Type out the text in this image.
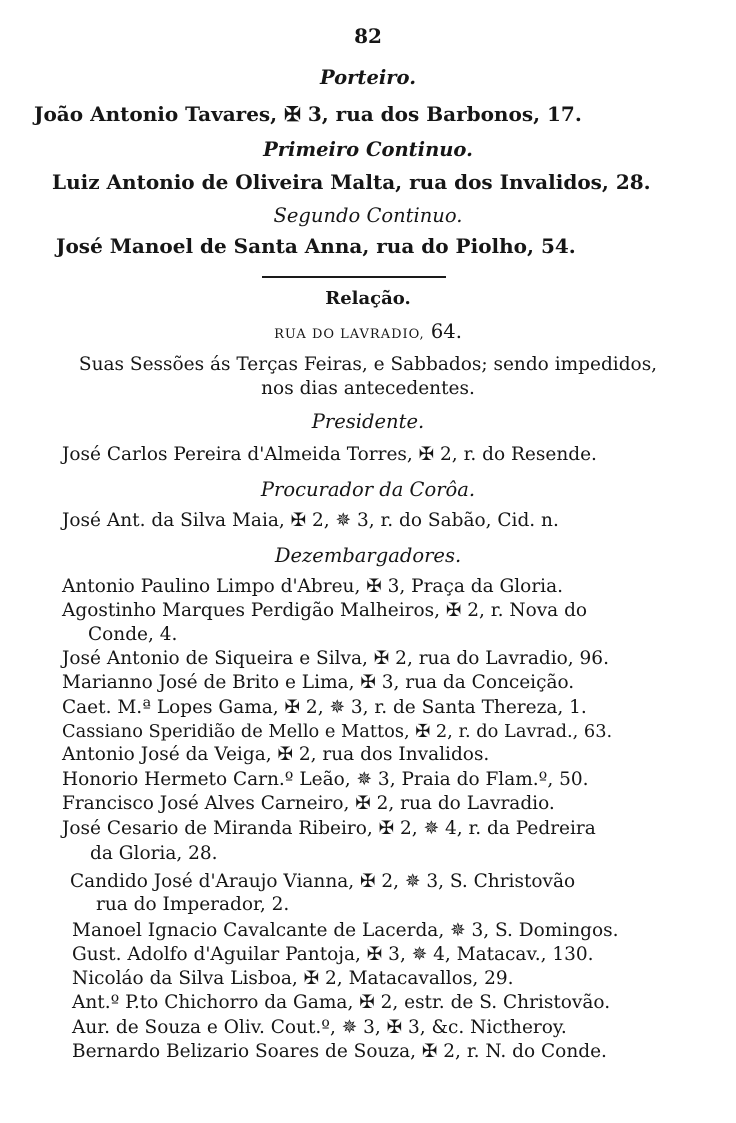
82
Porteiro.
João Antonio Tavares, ✠ 3, rua dos Barbonos, 17.
Primeiro Continuo.
Luiz Antonio de Oliveira Malta, rua dos Invalidos, 28.
Segundo Continuo.
José Manoel de Santa Anna, rua do Piolho, 54.
Relação.
RUA DO LAVRADIO, 64.
Suas Sessões ás Terças Feiras, e Sabbados; sendo impedidos,
nos dias antecedentes.
Presidente.
José Carlos Pereira d'Almeida Torres, ✠ 2, r. do Resende.
Procurador da Corôa.
José Ant. da Silva Maia, ✠ 2, ✵ 3, r. do Sabão, Cid. n.
Dezembargadores.
Antonio Paulino Limpo d'Abreu, ✠ 3, Praça da Gloria.
Agostinho Marques Perdigão Malheiros, ✠ 2, r. Nova do
Conde, 4.
José Antonio de Siqueira e Silva, ✠ 2, rua do Lavradio, 96.
Marianno José de Brito e Lima, ✠ 3, rua da Conceição.
Caet. M.ª Lopes Gama, ✠ 2, ✵ 3, r. de Santa Thereza, 1.
Cassiano Speridião de Mello e Mattos, ✠ 2, r. do Lavrad., 63.
Antonio José da Veiga, ✠ 2, rua dos Invalidos.
Honorio Hermeto Carn.º Leão, ✵ 3, Praia do Flam.º, 50.
Francisco José Alves Carneiro, ✠ 2, rua do Lavradio.
José Cesario de Miranda Ribeiro, ✠ 2, ✵ 4, r. da Pedreira
da Gloria, 28.
Candido José d'Araujo Vianna, ✠ 2, ✵ 3, S. Christovão
rua do Imperador, 2.
Manoel Ignacio Cavalcante de Lacerda, ✵ 3, S. Domingos.
Gust. Adolfo d'Aguilar Pantoja, ✠ 3, ✵ 4, Matacav., 130.
Nicoláo da Silva Lisboa, ✠ 2, Matacavallos, 29.
Ant.º P.to Chichorro da Gama, ✠ 2, estr. de S. Christovão.
Aur. de Souza e Oliv. Cout.º, ✵ 3, ✠ 3, &c. Nictheroy.
Bernardo Belizario Soares de Souza, ✠ 2, r. N. do Conde.
